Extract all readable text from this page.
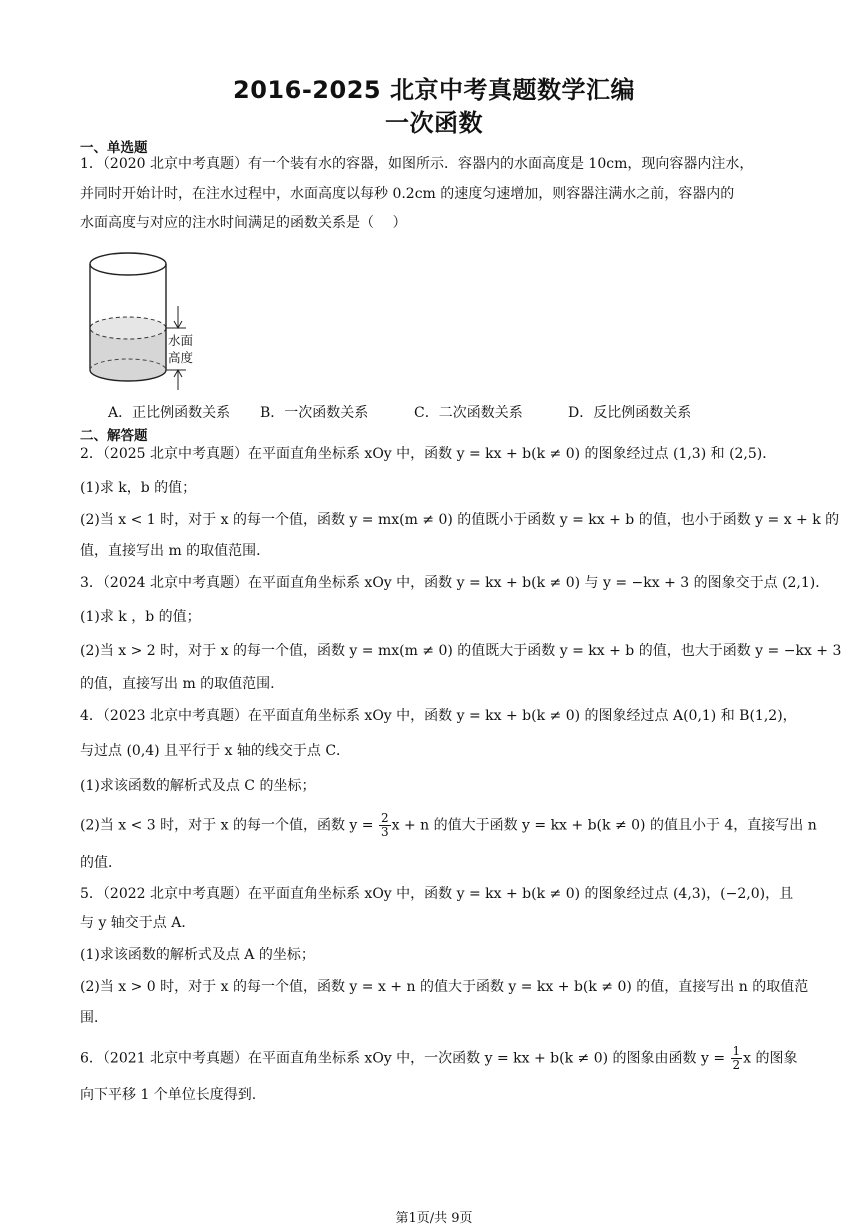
2016-2025 北京中考真题数学汇编
一次函数
一、单选题
1．（2020 北京中考真题）有一个装有水的容器，如图所示．容器内的水面高度是 10cm，现向容器内注水，
并同时开始计时，在注水过程中，水面高度以每秒 0.2cm 的速度匀速增加，则容器注满水之前，容器内的
水面高度与对应的注水时间满足的函数关系是（　 ）
水面
高度
A．正比例函数关系 B．一次函数关系	C．二次函数关系	D．反比例函数关系
二、解答题
2．（2025 北京中考真题）在平面直角坐标系 xOy 中，函数 y = kx + b(k ≠ 0) 的图象经过点 (1,3) 和 (2,5)．
(1)求 k，b 的值；
(2)当 x < 1 时，对于 x 的每一个值，函数 y = mx(m ≠ 0) 的值既小于函数 y = kx + b 的值，也小于函数 y = x + k 的
值，直接写出 m 的取值范围．
3．（2024 北京中考真题）在平面直角坐标系 xOy 中，函数 y = kx + b(k ≠ 0) 与 y = −kx + 3 的图象交于点 (2,1)．
(1)求 k ，b 的值；
(2)当 x > 2 时，对于 x 的每一个值，函数 y = mx(m ≠ 0) 的值既大于函数 y = kx + b 的值，也大于函数 y = −kx + 3
的值，直接写出 m 的取值范围.
4．（2023 北京中考真题）在平面直角坐标系 xOy 中，函数 y = kx + b(k ≠ 0) 的图象经过点 A(0,1) 和 B(1,2)，
与过点 (0,4) 且平行于 x 轴的线交于点 C．
(1)求该函数的解析式及点 C 的坐标；
(2)当 x < 3 时，对于 x 的每一个值，函数 $y = \frac{2}{3}$ x + n 的值大于函数 y = kx + b(k ≠ 0) 的值且小于 4，直接写出 n
的值．
5．（2022 北京中考真题）在平面直角坐标系 xOy 中，函数 y = kx + b(k ≠ 0) 的图象经过点 (4,3)，(−2,0)，且
与 y 轴交于点 A．
(1)求该函数的解析式及点 A 的坐标；
(2)当 x > 0 时，对于 x 的每一个值，函数 y = x + n 的值大于函数 y = kx + b(k ≠ 0) 的值，直接写出 n 的取值范
围．
6．（2021 北京中考真题）在平面直角坐标系 xOy 中，一次函数 y = kx + b(k ≠ 0) 的图象由函数 $y = \frac{1}{2}$ x 的图象
向下平移 1 个单位长度得到.
第1页/共 9页
